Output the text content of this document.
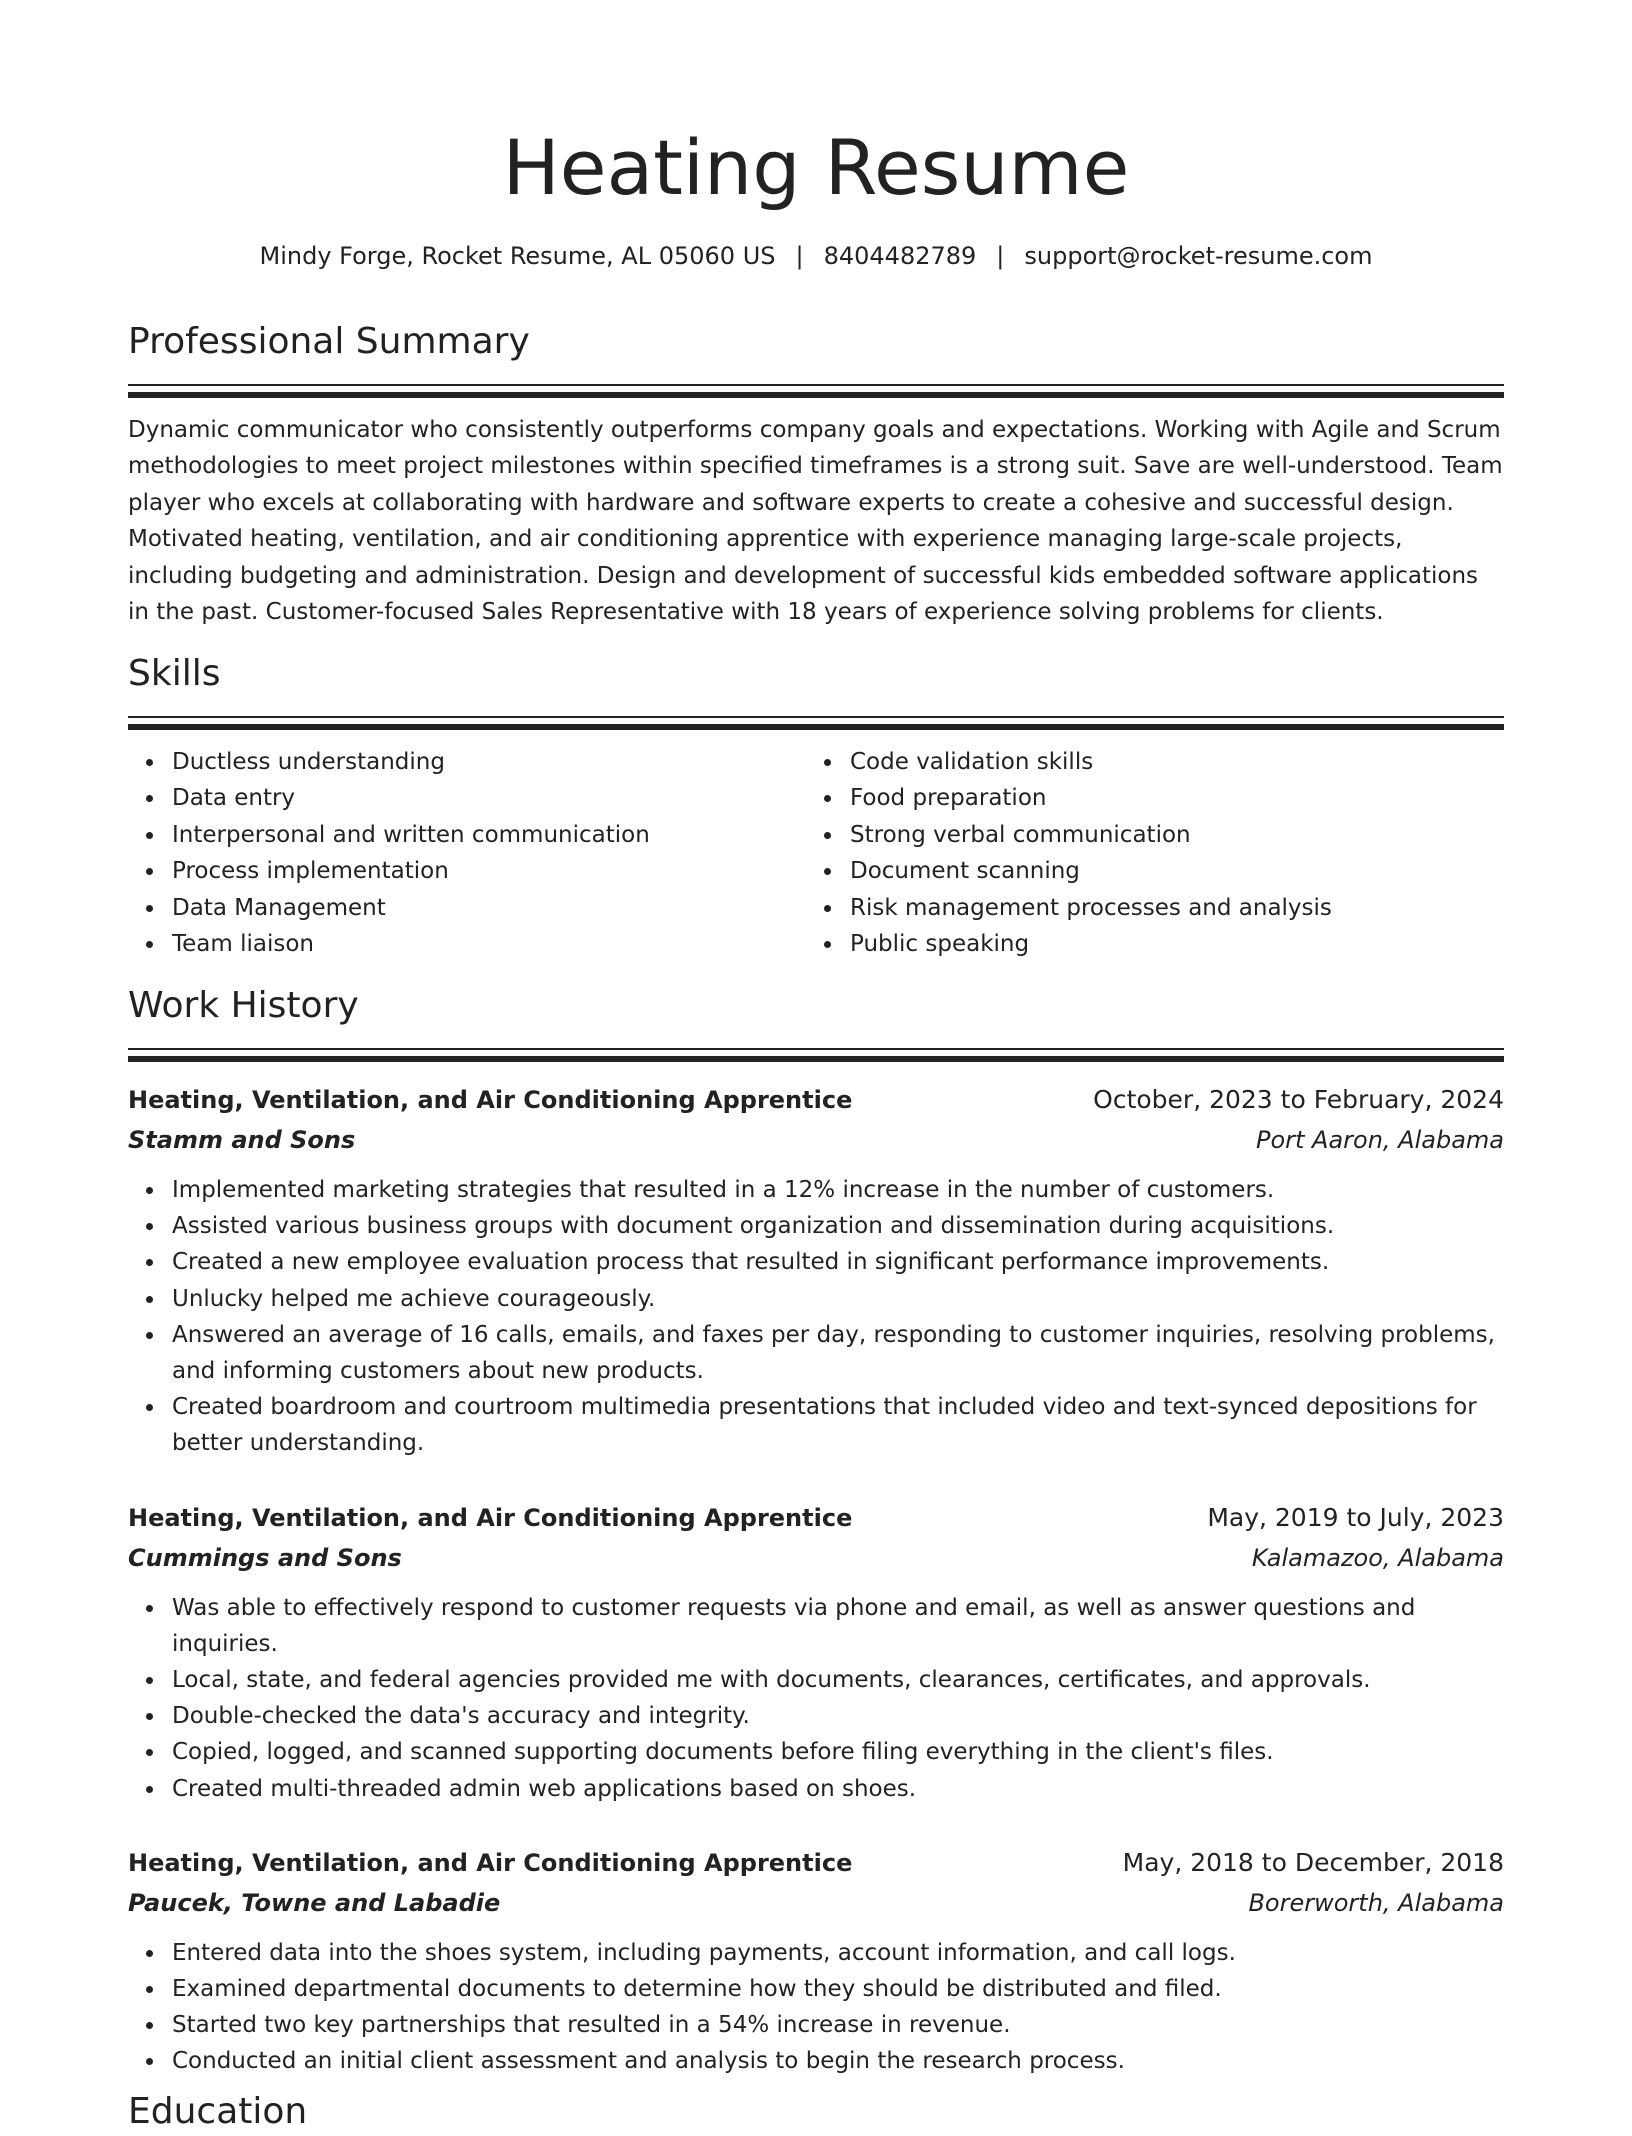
Heating Resume
Mindy Forge, Rocket Resume, AL 05060 US | 8404482789 | support@rocket-resume.com
Professional Summary

Dynamic communicator who consistently outperforms company goals and expectations. Working with Agile and Scrum methodologies to meet project milestones within specified timeframes is a strong suit. Save are well-understood. Team player who excels at collaborating with hardware and software experts to create a cohesive and successful design. Motivated heating, ventilation, and air conditioning apprentice with experience managing large-scale projects, including budgeting and administration. Design and development of successful kids embedded software applications in the past. Customer-focused Sales Representative with 18 years of experience solving problems for clients.

Skills
Ductless understanding
Data entry
Interpersonal and written communication
Process implementation
Data Management
Team liaison
Code validation skills
Food preparation
Strong verbal communication
Document scanning
Risk management processes and analysis
Public speaking
Work History
Heating, Ventilation, and Air Conditioning Apprentice	October, 2023 to February, 2024
Stamm and Sons	Port Aaron, Alabama
Implemented marketing strategies that resulted in a 12% increase in the number of customers.
Assisted various business groups with document organization and dissemination during acquisitions.
Created a new employee evaluation process that resulted in significant performance improvements.
Unlucky helped me achieve courageously.
Answered an average of 16 calls, emails, and faxes per day, responding to customer inquiries, resolving problems, and informing customers about new products.
Created boardroom and courtroom multimedia presentations that included video and text-synced depositions for better understanding.
Heating, Ventilation, and Air Conditioning Apprentice	May, 2019 to July, 2023
Cummings and Sons	Kalamazoo, Alabama
Was able to effectively respond to customer requests via phone and email, as well as answer questions and inquiries.
Local, state, and federal agencies provided me with documents, clearances, certificates, and approvals.
Double-checked the data's accuracy and integrity.
Copied, logged, and scanned supporting documents before filing everything in the client's files.
Created multi-threaded admin web applications based on shoes.
Heating, Ventilation, and Air Conditioning Apprentice	May, 2018 to December, 2018
Paucek, Towne and Labadie	Borerworth, Alabama
Entered data into the shoes system, including payments, account information, and call logs.
Examined departmental documents to determine how they should be distributed and filed.
Started two key partnerships that resulted in a 54% increase in revenue.
Conducted an initial client assessment and analysis to begin the research process.
Education
